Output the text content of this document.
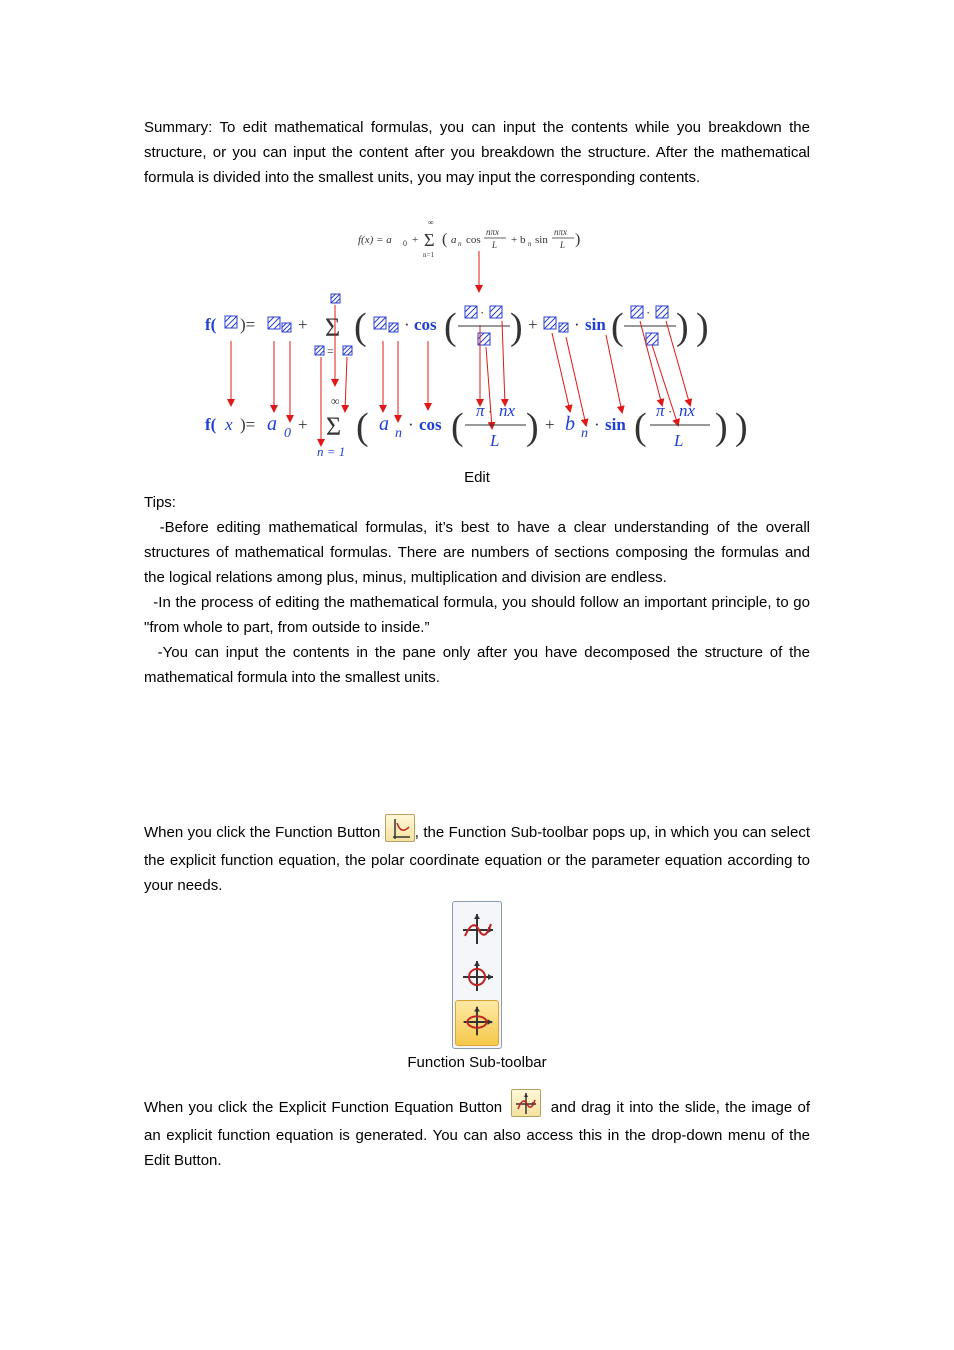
Summary: To edit mathematical formulas, you can input the contents while you breakdown the structure, or you can input the content after you breakdown the structure. After the mathematical formula is divided into the smallest units, you may input the corresponding contents.
f(x) = a 0 +
∞
Σ
n=1
( a n cos
nπx
L + b n sin
nπx
L )
f( )=	+ Σ
=
( · cos ( · ) + · sin ( · ) )
f( x )= a 0 +
∞
Σ
n = 1
( a n · cos ( π · nx
L ) + b n · sin ( π · nx
L ) )
Edit
Tips:
-Before editing mathematical formulas, it’s best to have a clear understanding of the overall structures of mathematical formulas. There are numbers of sections composing the formulas and the logical relations among plus, minus, multiplication and division are endless.
-In the process of editing the mathematical formula, you should follow an important principle, to go "from whole to part, from outside to inside.”
-You can input the contents in the pane only after you have decomposed the structure of the mathematical formula into the smallest units.
When you click the Function Button , the Function Sub-toolbar pops up, in which you can select the explicit function equation, the polar coordinate equation or the parameter equation according to your needs.
Function Sub-toolbar
When you click the Explicit Function Equation Button	and drag it into the slide, the image of an explicit function equation is generated. You can also access this in the drop-down menu of the Edit Button.
